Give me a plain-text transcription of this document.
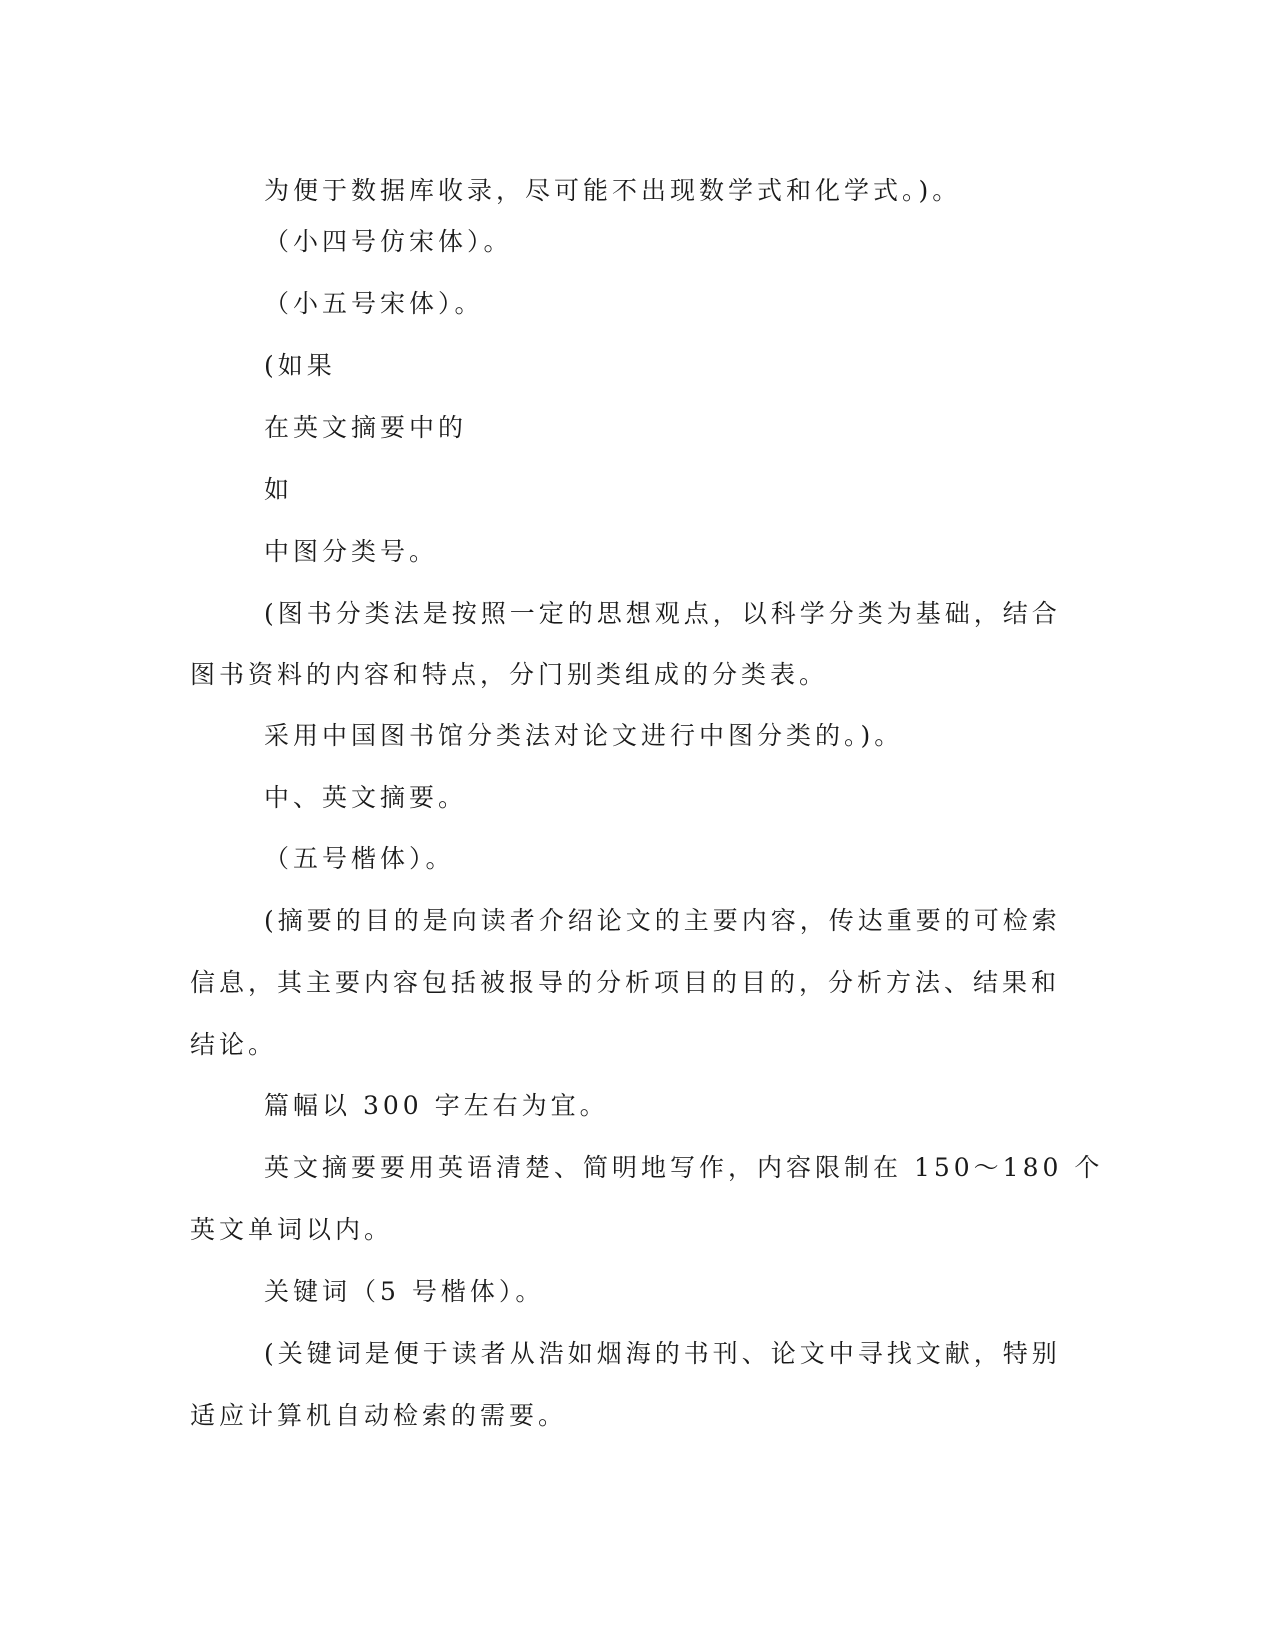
为便于数据库收录，尽可能不出现数学式和化学式。)。

（小四号仿宋体）。

（小五号宋体）。

(如果

在英文摘要中的

如

中图分类号。

(图书分类法是按照一定的思想观点，以科学分类为基础，结合

图书资料的内容和特点，分门别类组成的分类表。

采用中国图书馆分类法对论文进行中图分类的。)。

中、英文摘要。

（五号楷体）。

(摘要的目的是向读者介绍论文的主要内容，传达重要的可检索

信息，其主要内容包括被报导的分析项目的目的，分析方法、结果和

结论。

篇幅以 300 字左右为宜。

英文摘要要用英语清楚、简明地写作，内容限制在 150～180 个

英文单词以内。

关键词（5 号楷体）。

(关键词是便于读者从浩如烟海的书刊、论文中寻找文献，特别

适应计算机自动检索的需要。
